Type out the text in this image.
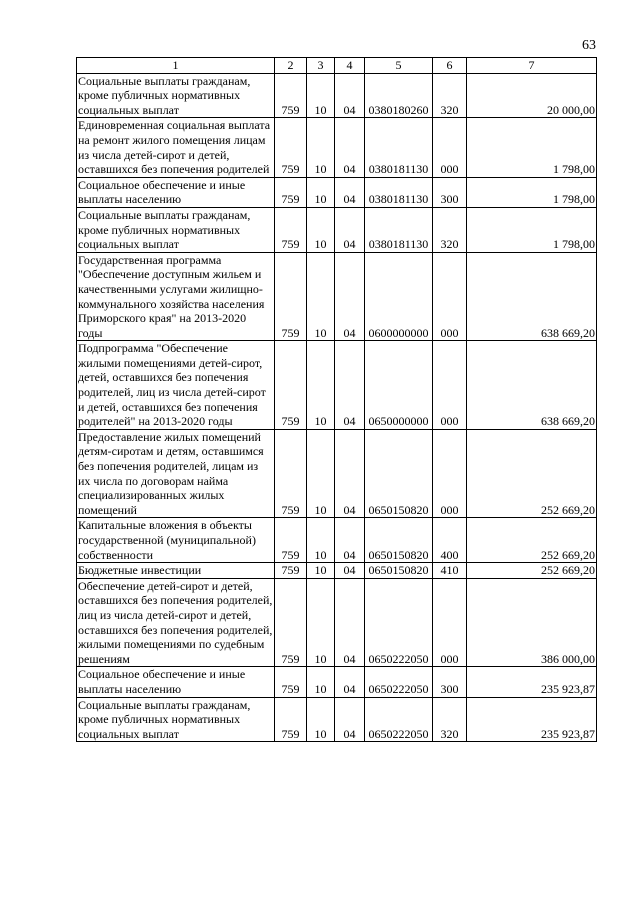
63
1	2	3	4	5	6	7
Социальные выплаты гражданам, кроме публичных нормативных социальных выплат	759	10	04	0380180260	320	20 000,00
Единовременная социальная выплата на ремонт жилого помещения лицам из числа детей-сирот и детей, оставшихся без попечения родителей	759	10	04	0380181130	000	1 798,00
Социальное обеспечение и иные выплаты населению	759	10	04	0380181130	300	1 798,00
Социальные выплаты гражданам, кроме публичных нормативных социальных выплат	759	10	04	0380181130	320	1 798,00
Государственная программа "Обеспечение доступным жильем и качественными услугами жилищно-коммунального хозяйства населения Приморского края" на 2013-2020 годы	759	10	04	0600000000	000	638 669,20
Подпрограмма "Обеспечение жилыми помещениями детей-сирот, детей, оставшихся без попечения родителей, лиц из числа детей-сирот и детей, оставшихся без попечения родителей" на 2013-2020 годы	759	10	04	0650000000	000	638 669,20
Предоставление жилых помещений детям-сиротам и детям, оставшимся без попечения родителей, лицам из их числа по договорам найма специализированных жилых помещений	759	10	04	0650150820	000	252 669,20
Капитальные вложения в объекты государственной (муниципальной) собственности	759	10	04	0650150820	400	252 669,20
Бюджетные инвестиции	759	10	04	0650150820	410	252 669,20
Обеспечение детей-сирот и детей, оставшихся без попечения родителей, лиц из числа детей-сирот и детей, оставшихся без попечения родителей, жилыми помещениями по судебным решениям	759	10	04	0650222050	000	386 000,00
Социальное обеспечение и иные выплаты населению	759	10	04	0650222050	300	235 923,87
Социальные выплаты гражданам, кроме публичных нормативных социальных выплат	759	10	04	0650222050	320	235 923,87
